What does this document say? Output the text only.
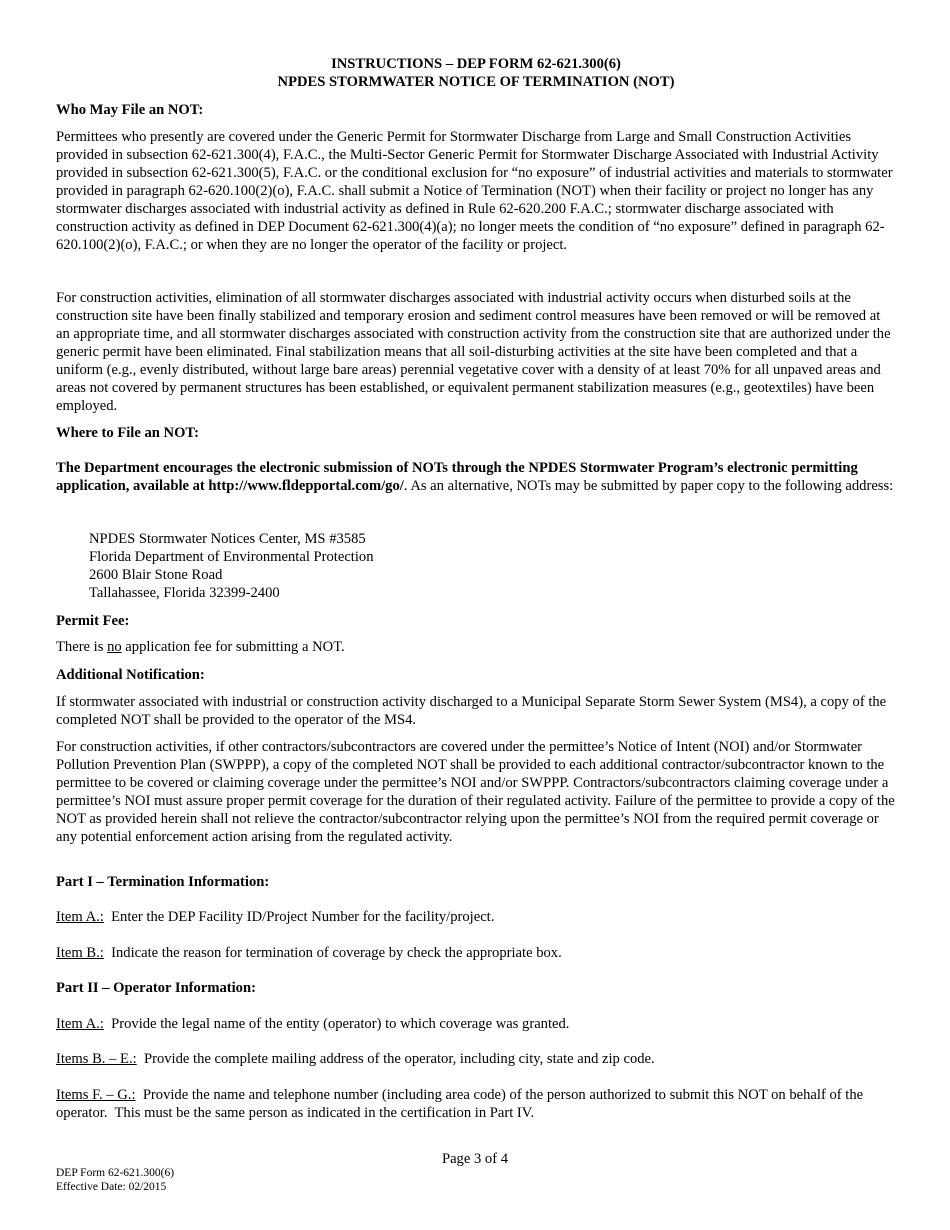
INSTRUCTIONS – DEP FORM 62-621.300(6)
NPDES STORMWATER NOTICE OF TERMINATION (NOT)
Who May File an NOT:

Permittees who presently are covered under the Generic Permit for Stormwater Discharge from Large and Small Construction Activities provided in subsection 62-621.300(4), F.A.C., the Multi-Sector Generic Permit for Stormwater Discharge Associated with Industrial Activity provided in subsection 62-621.300(5), F.A.C. or the conditional exclusion for “no exposure” of industrial activities and materials to stormwater provided in paragraph 62-620.100(2)(o), F.A.C. shall submit a Notice of Termination (NOT) when their facility or project no longer has any stormwater discharges associated with industrial activity as defined in Rule 62-620.200 F.A.C.; stormwater discharge associated with construction activity as defined in DEP Document 62-621.300(4)(a); no longer meets the condition of “no exposure” defined in paragraph 62-620.100(2)(o), F.A.C.; or when they are no longer the operator of the facility or project.

For construction activities, elimination of all stormwater discharges associated with industrial activity occurs when disturbed soils at the construction site have been finally stabilized and temporary erosion and sediment control measures have been removed or will be removed at an appropriate time, and all stormwater discharges associated with construction activity from the construction site that are authorized under the generic permit have been eliminated. Final stabilization means that all soil-disturbing activities at the site have been completed and that a uniform (e.g., evenly distributed, without large bare areas) perennial vegetative cover with a density of at least 70% for all unpaved areas and areas not covered by permanent structures has been established, or equivalent permanent stabilization measures (e.g., geotextiles) have been employed.

Where to File an NOT:

The Department encourages the electronic submission of NOTs through the NPDES Stormwater Program’s electronic permitting application, available at http://www.fldepportal.com/go/. As an alternative, NOTs may be submitted by paper copy to the following address:

NPDES Stormwater Notices Center, MS #3585
Florida Department of Environmental Protection
2600 Blair Stone Road
Tallahassee, Florida 32399-2400
Permit Fee:

There is no application fee for submitting a NOT.

Additional Notification:

If stormwater associated with industrial or construction activity discharged to a Municipal Separate Storm Sewer System (MS4), a copy of the completed NOT shall be provided to the operator of the MS4.

For construction activities, if other contractors/subcontractors are covered under the permittee’s Notice of Intent (NOI) and/or Stormwater Pollution Prevention Plan (SWPPP), a copy of the completed NOT shall be provided to each additional contractor/subcontractor known to the permittee to be covered or claiming coverage under the permittee’s NOI and/or SWPPP. Contractors/subcontractors claiming coverage under a permittee’s NOI must assure proper permit coverage for the duration of their regulated activity. Failure of the permittee to provide a copy of the NOT as provided herein shall not relieve the contractor/subcontractor relying upon the permittee’s NOI from the required permit coverage or any potential enforcement action arising from the regulated activity.

Part I – Termination Information:

Item A.:  Enter the DEP Facility ID/Project Number for the facility/project.

Item B.:  Indicate the reason for termination of coverage by check the appropriate box.

Part II – Operator Information:

Item A.:  Provide the legal name of the entity (operator) to which coverage was granted.

Items B. – E.:  Provide the complete mailing address of the operator, including city, state and zip code.

Items F. – G.:  Provide the name and telephone number (including area code) of the person authorized to submit this NOT on behalf of the operator.  This must be the same person as indicated in the certification in Part IV.

Page 3 of 4
DEP Form 62-621.300(6)
Effective Date: 02/2015
